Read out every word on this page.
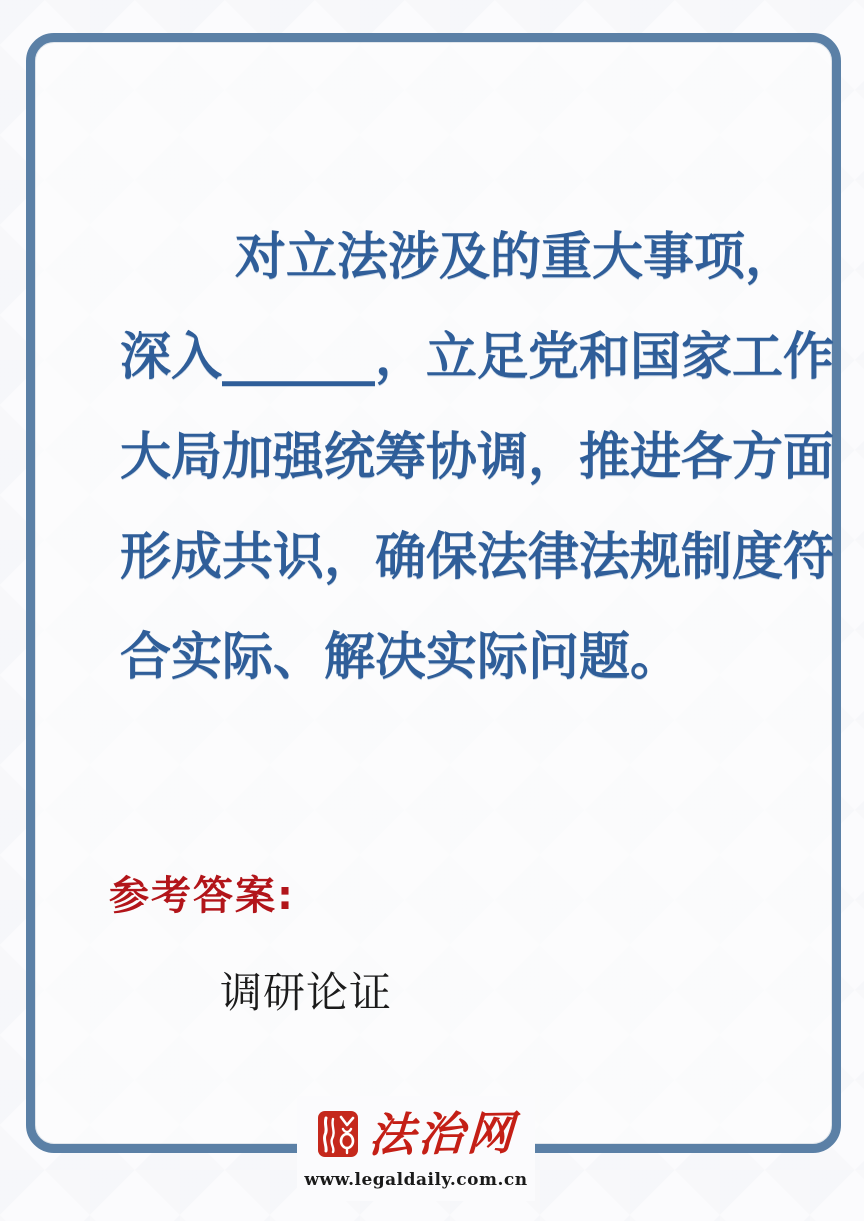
对立法涉及的重大事项，
深入______，立足党和国家工作
大局加强统筹协调，推进各方面
形成共识，确保法律法规制度符
合实际、解决实际问题。
参考答案:
调研论证
法治网
www.legaldaily.com.cn
